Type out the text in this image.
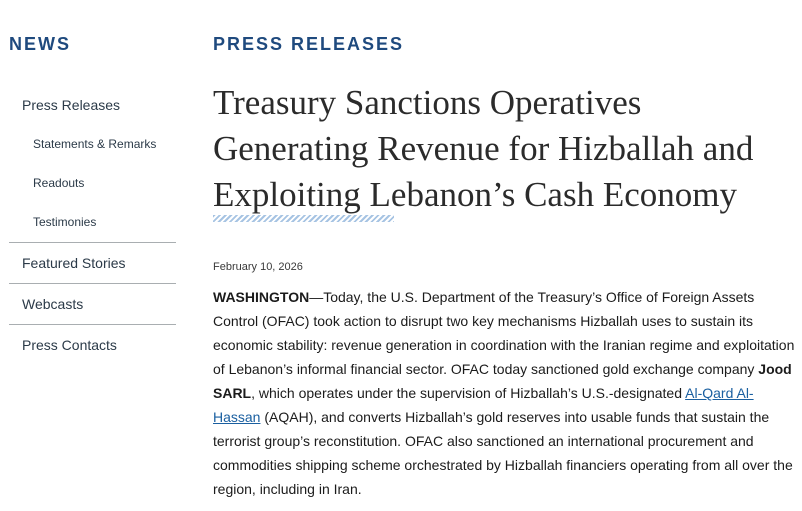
NEWS	PRESS RELEASES
Press Releases
Statements & Remarks
Readouts
Testimonies
Featured Stories
Webcasts
Press Contacts
Treasury Sanctions Operatives Generating Revenue for Hizballah and Exploiting Lebanon’s Cash Economy
February 10, 2026

WASHINGTON—Today, the U.S. Department of the Treasury’s Office of Foreign Assets Control (OFAC) took action to disrupt two key mechanisms Hizballah uses to sustain its economic stability: revenue generation in coordination with the Iranian regime and exploitation of Lebanon’s informal financial sector. OFAC today sanctioned gold exchange company Jood SARL, which operates under the supervision of Hizballah’s U.S.-designated Al-Qard Al-Hassan (AQAH), and converts Hizballah’s gold reserves into usable funds that sustain the terrorist group’s reconstitution. OFAC also sanctioned an international procurement and commodities shipping scheme orchestrated by Hizballah financiers operating from all over the region, including in Iran.
